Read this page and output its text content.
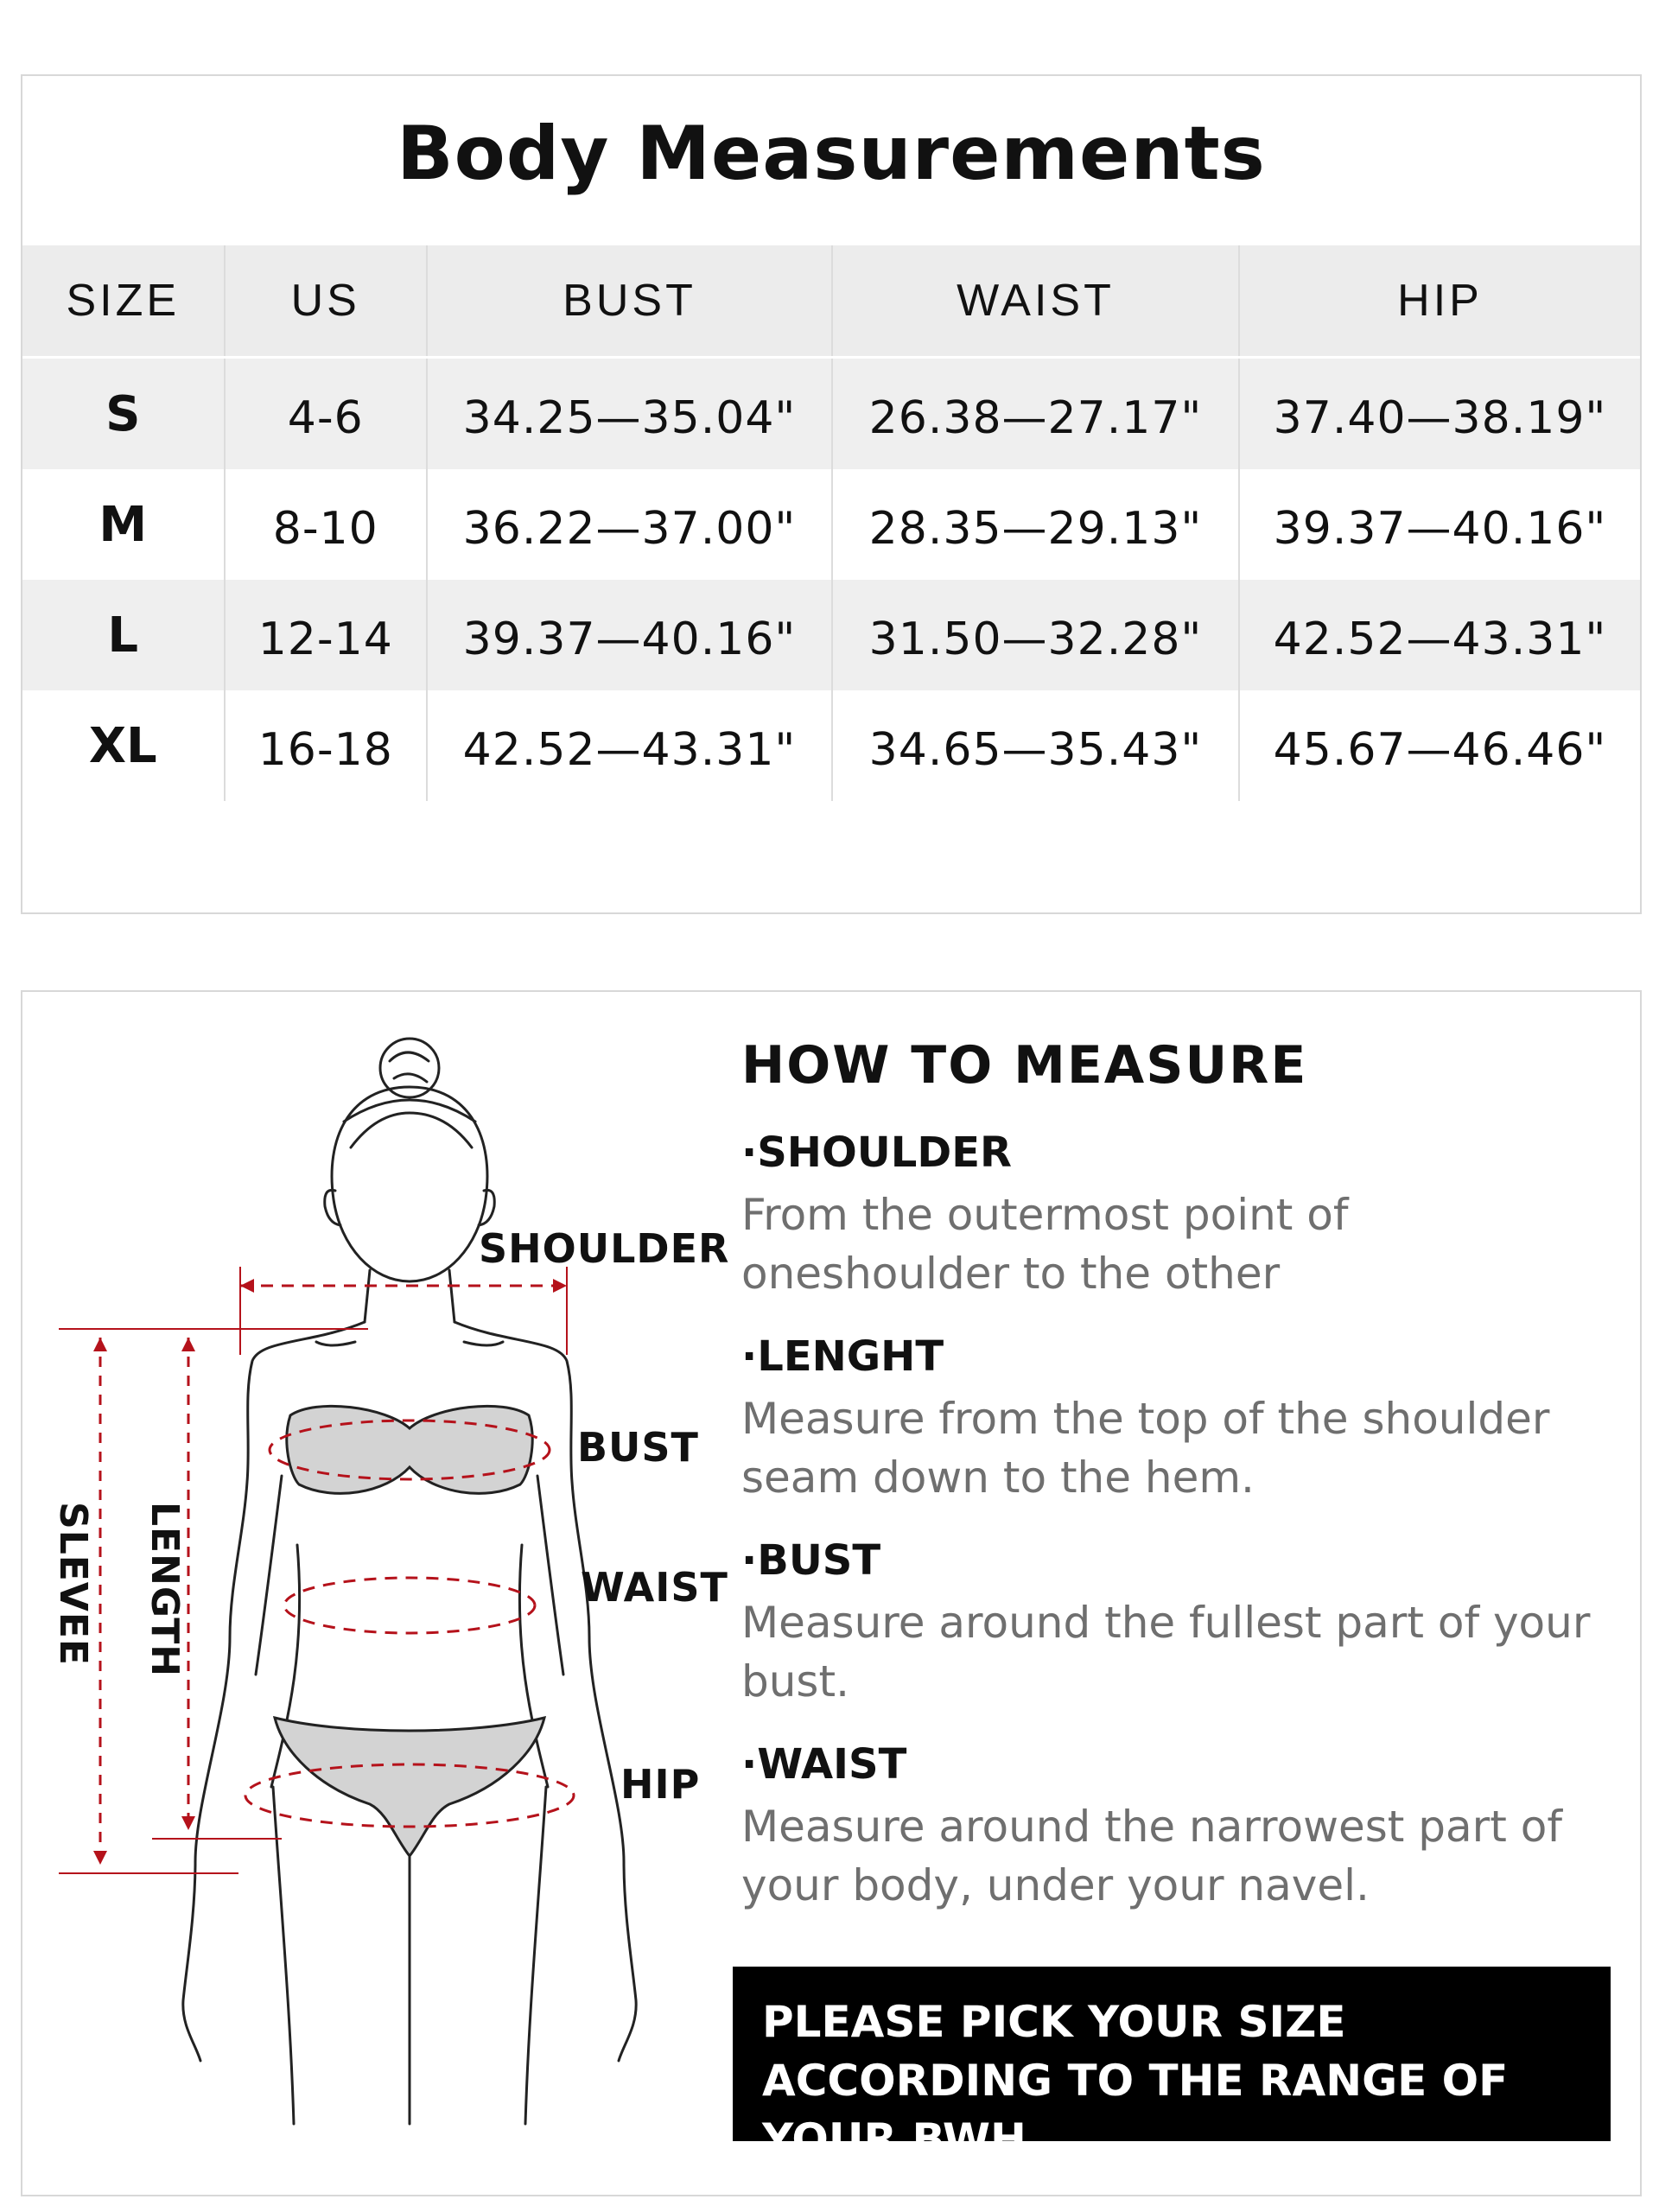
Body Measurements
SIZE	US	BUST	WAIST	HIP
S	4-6	34.25—35.04"	26.38—27.17"	37.40—38.19"
M	8-10	36.22—37.00"	28.35—29.13"	39.37—40.16"
L	12-14	39.37—40.16"	31.50—32.28"	42.52—43.31"
XL	16-18	42.52—43.31"	34.65—35.43"	45.67—46.46"
SHOULDER
BUST
WAIST
HIP
SLEVEE LENGTH
HOW TO MEASURE
·SHOULDER
From the outermost point of oneshoulder to the other
·LENGHT
Measure from the top of the shoulder seam down to the hem.
·BUST
Measure around the fullest part of your bust.
·WAIST
Measure around the narrowest part of your body, under your navel.
PLEASE PICK YOUR SIZE ACCORDING TO THE RANGE OF YOUR BWH.
